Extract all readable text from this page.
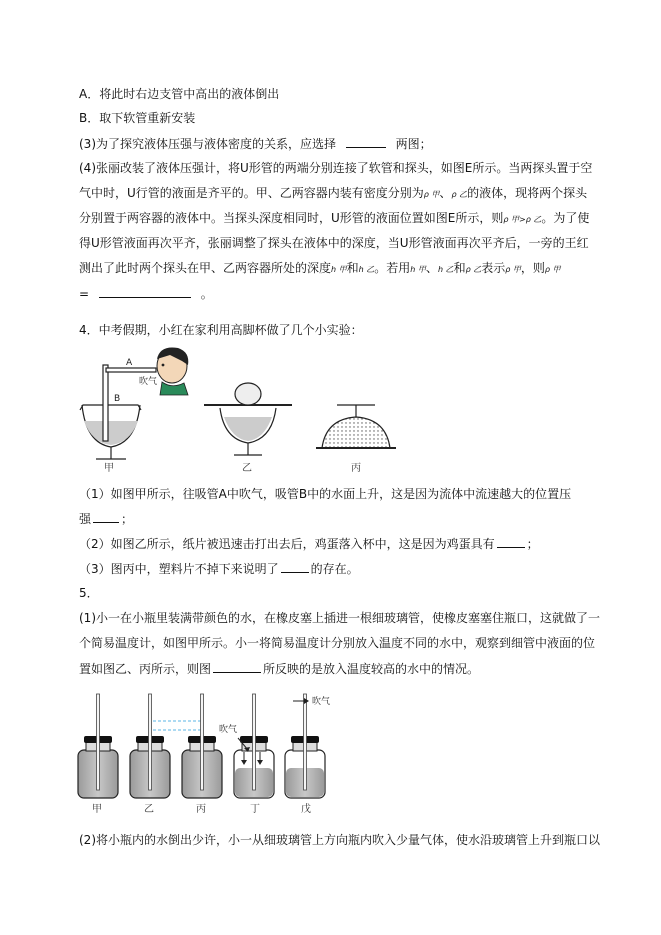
A．将此时右边支管中高出的液体倒出
B．取下软管重新安装
(3)为了探究液体压强与液体密度的关系，应选择	两图；
(4)张丽改装了液体压强计，将U形管的两端分别连接了软管和探头，如图E所示。当两探头置于空
气中时，U行管的液面是齐平的。甲、乙两容器内装有密度分别为ρ 甲、ρ 乙的液体，现将两个探头
分别置于两容器的液体中。当探头深度相同时，U形管的液面位置如图E所示，则ρ 甲>ρ 乙。为了使
得U形管液面再次平齐，张丽调整了探头在液体中的深度，当U形管液面再次平齐后，一旁的王红
测出了此时两个探头在甲、乙两容器所处的深度h 甲和h 乙。若用h 甲、h 乙和ρ 乙表示ρ 甲，则ρ 甲
=	。
4．中考假期，小红在家利用高脚杯做了几个小实验：
B
A
吹气
甲	乙	丙
（1）如图甲所示，往吸管A中吹气，吸管B中的水面上升，这是因为流体中流速越大的位置压
强	；
（2）如图乙所示，纸片被迅速击打出去后，鸡蛋落入杯中，这是因为鸡蛋具有	；
（3）图丙中，塑料片不掉下来说明了	的存在。
5．
(1)小一在小瓶里装满带颜色的水，在橡皮塞上插进一根细玻璃管，使橡皮塞塞住瓶口，这就做了一
个简易温度计，如图甲所示。小一将简易温度计分别放入温度不同的水中，观察到细管中液面的位
置如图乙、丙所示，则图	所反映的是放入温度较高的水中的情况。
吹气
吹气
甲	乙	丙	丁	戊
(2)将小瓶内的水倒出少许，小一从细玻璃管上方向瓶内吹入少量气体，使水沿玻璃管上升到瓶口以
